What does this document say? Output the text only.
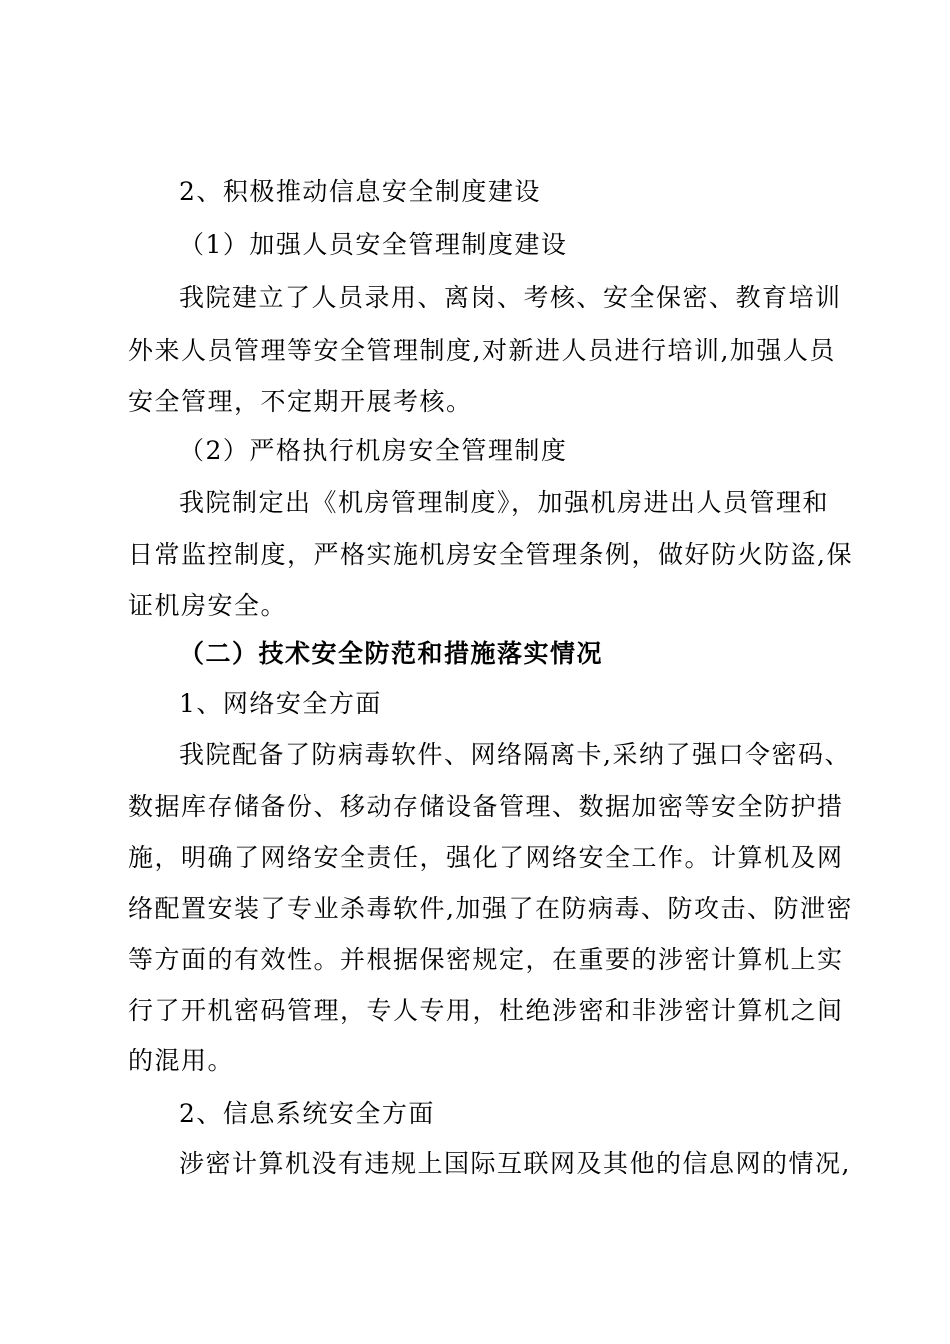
2、积极推动信息安全制度建设
（1）加强人员安全管理制度建设
我院建立了人员录用、离岗、考核、安全保密、教育培训
外来人员管理等安全管理制度,对新进人员进行培训,加强人员
安全管理，不定期开展考核。
（2）严格执行机房安全管理制度
我院制定出《机房管理制度》，加强机房进出人员管理和
日常监控制度，严格实施机房安全管理条例，做好防火防盗,保
证机房安全。
（二）技术安全防范和措施落实情况
1、网络安全方面
我院配备了防病毒软件、网络隔离卡,采纳了强口令密码、
数据库存储备份、移动存储设备管理、数据加密等安全防护措
施，明确了网络安全责任，强化了网络安全工作。计算机及网
络配置安装了专业杀毒软件,加强了在防病毒、防攻击、防泄密
等方面的有效性。并根据保密规定，在重要的涉密计算机上实
行了开机密码管理，专人专用，杜绝涉密和非涉密计算机之间
的混用。
2、信息系统安全方面
涉密计算机没有违规上国际互联网及其他的信息网的情况,
